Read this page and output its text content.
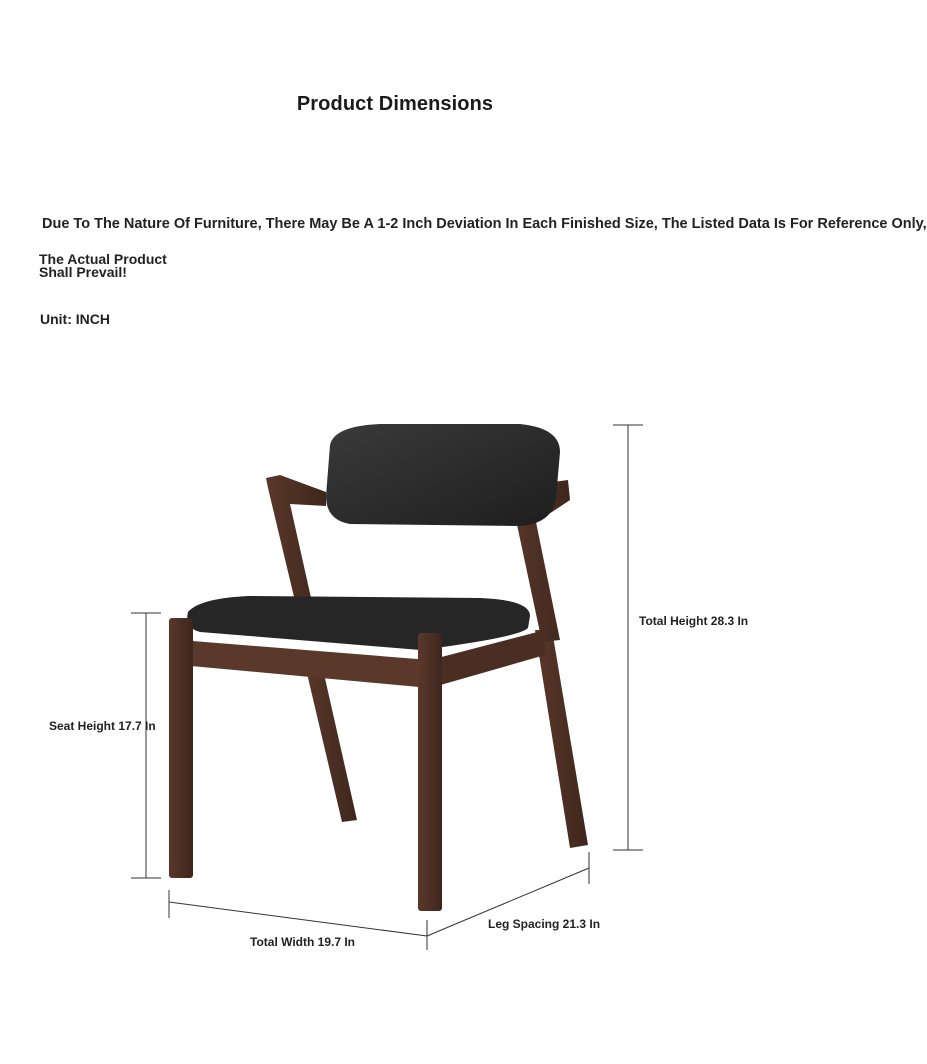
Product Dimensions
Due To The Nature Of Furniture, There May Be A 1-2 Inch Deviation In Each Finished Size, The Listed Data Is For Reference Only,
The Actual Product
Shall Prevail!
Unit: INCH
Total Height 28.3 In
Seat Height 17.7 In
Total Width 19.7 In
Leg Spacing 21.3 In
